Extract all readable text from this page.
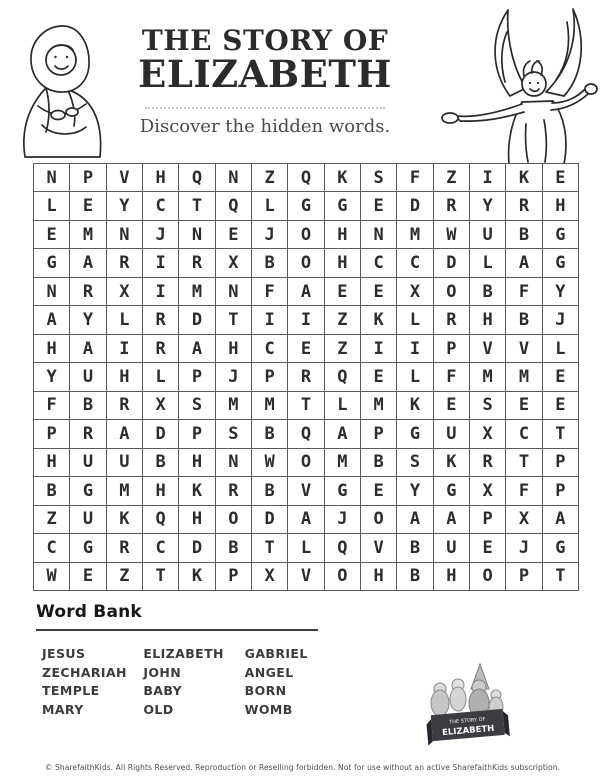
THE STORY OF
ELIZABETH
Discover the hidden words.
N	P	V	H	Q	N	Z	Q	K	S	F	Z	I	K	E
L	E	Y	C	T	Q	L	G	G	E	D	R	Y	R	H
E	M	N	J	N	E	J	O	H	N	M	W	U	B	G
G	A	R	I	R	X	B	O	H	C	C	D	L	A	G
N	R	X	I	M	N	F	A	E	E	X	O	B	F	Y
A	Y	L	R	D	T	I	I	Z	K	L	R	H	B	J
H	A	I	R	A	H	C	E	Z	I	I	P	V	V	L
Y	U	H	L	P	J	P	R	Q	E	L	F	M	M	E
F	B	R	X	S	M	M	T	L	M	K	E	S	E	E
P	R	A	D	P	S	B	Q	A	P	G	U	X	C	T
H	U	U	B	H	N	W	O	M	B	S	K	R	T	P
B	G	M	H	K	R	B	V	G	E	Y	G	X	F	P
Z	U	K	Q	H	O	D	A	J	O	A	A	P	X	A
C	G	R	C	D	B	T	L	Q	V	B	U	E	J	G
W	E	Z	T	K	P	X	V	O	H	B	H	O	P	T
Word Bank
JESUS
ZECHARIAH
TEMPLE
MARY
ELIZABETH
JOHN
BABY
OLD
GABRIEL
ANGEL
BORN
WOMB
THE STORY OF
ELIZABETH
© SharefaithKids. All Rights Reserved. Reproduction or Reselling forbidden. Not for use without an active SharefaithKids subscription.
